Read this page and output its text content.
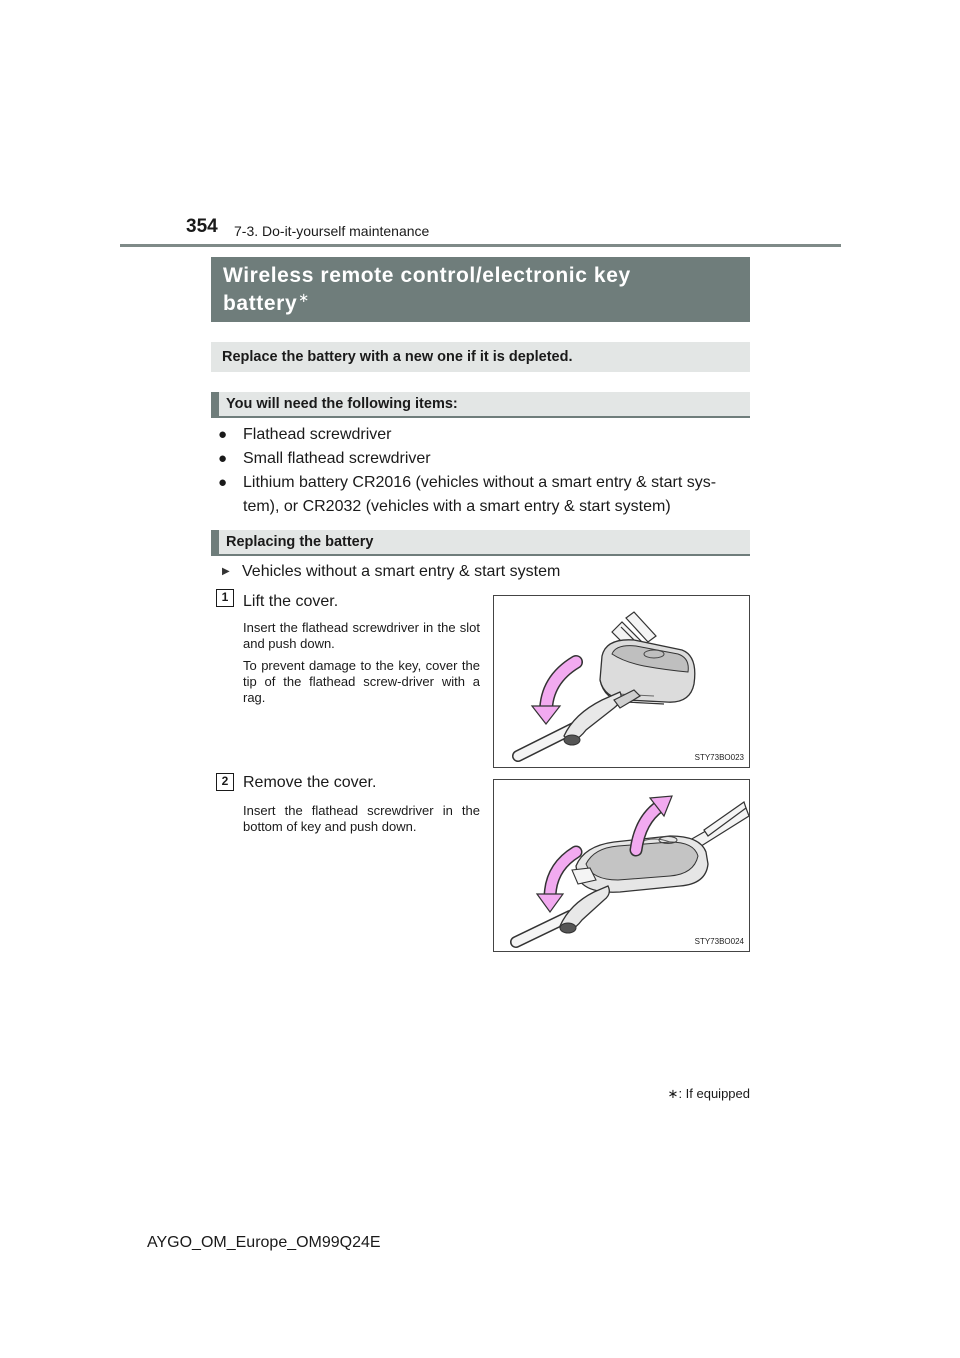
354 7-3. Do-it-yourself maintenance
Wireless remote control/electronic key
battery∗
Replace the battery with a new one if it is depleted.
You will need the following items:
● Flathead screwdriver
● Small flathead screwdriver
● Lithium battery CR2016 (vehicles without a smart entry & start sys-
tem), or CR2032 (vehicles with a smart entry & start system)
Replacing the battery
▶ Vehicles without a smart entry & start system
1 Lift the cover.
Insert the flathead screwdriver in the slot and push down.
To prevent damage to the key, cover the tip of the flathead screw-driver with a rag.
STY73BO023
2 Remove the cover.
Insert the flathead screwdriver in the bottom of key and push down.
STY73BO024
∗: If equipped
AYGO_OM_Europe_OM99Q24E
